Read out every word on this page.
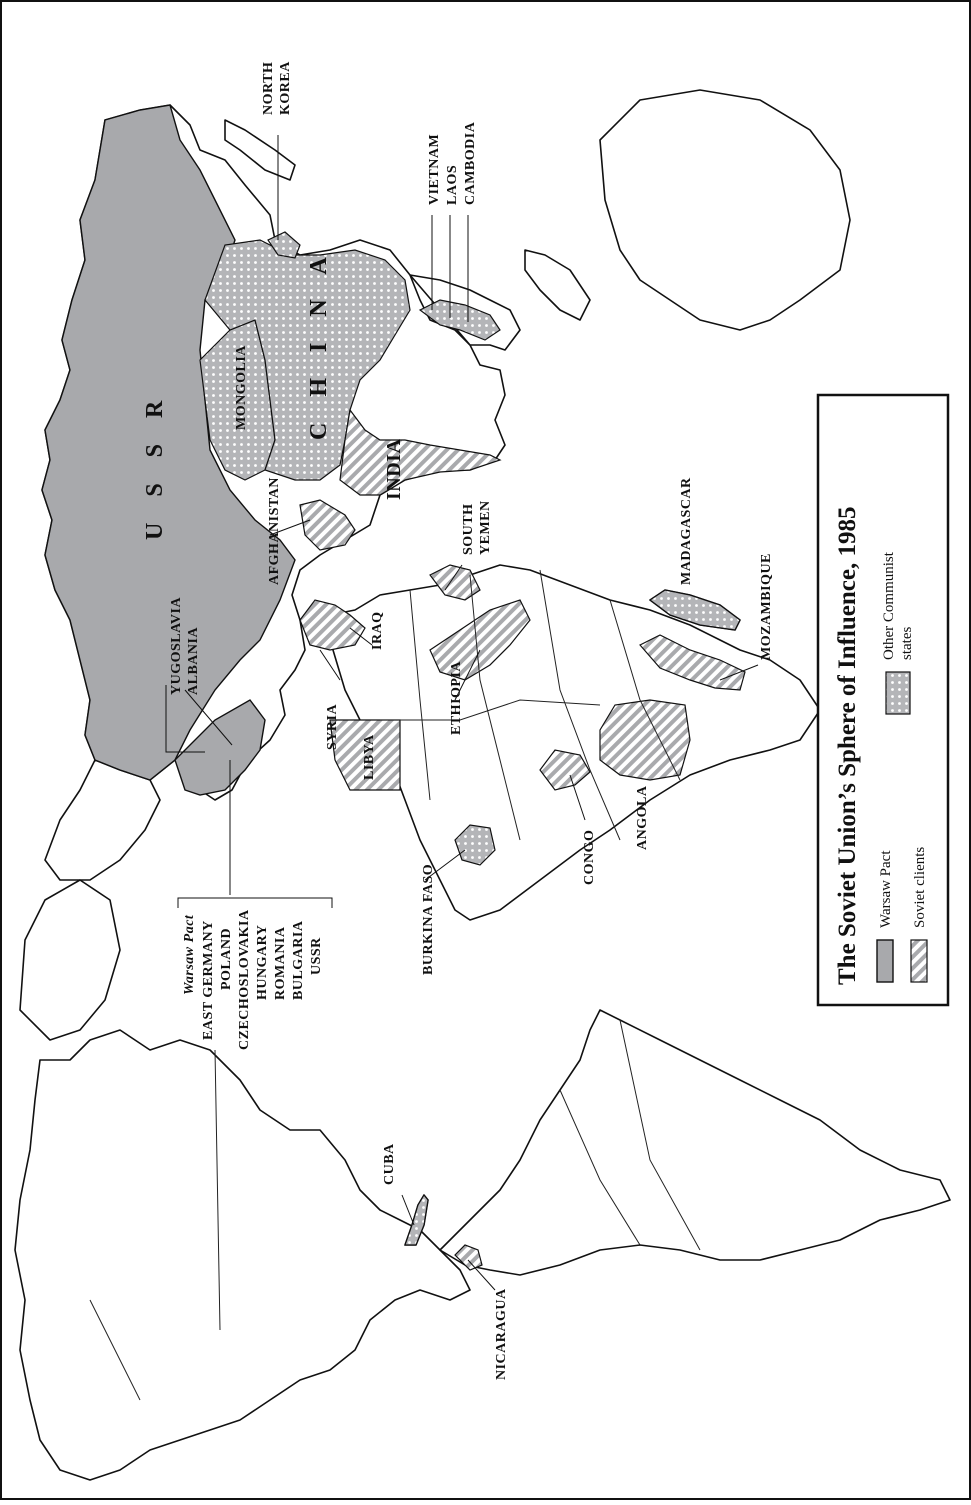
U S S R
C H I N A
MONGOLIA
INDIA
NORTH KOREA
VIETNAM LAOS CAMBODIA
AFGHANISTAN
YUGOSLAVIA ALBANIA
SOUTH YEMEN
IRAQ
SYRIA
LIBYA
ETHIOPIA
MADAGASCAR
MOZAMBIQUE
ANGOLA
CONGO
BURKINA FASO
CUBA
NICARAGUA
Warsaw Pact EAST GERMANY POLAND CZECHOSLOVAKIA HUNGARY ROMANIA BULGARIA USSR	The Soviet Union’s Sphere of Influence, 1985 Warsaw Pact Soviet clients
Other Communist states
